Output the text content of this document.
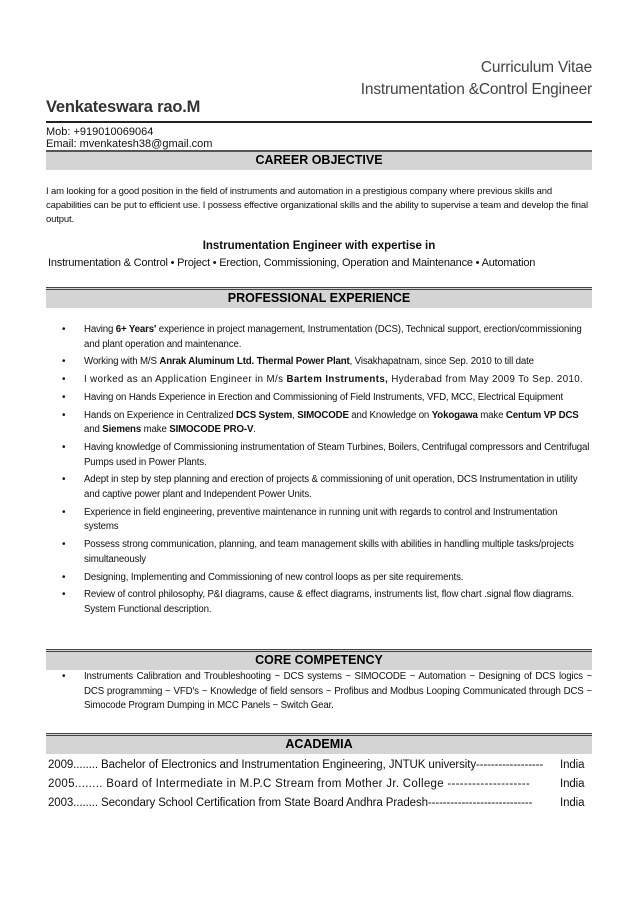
Curriculum Vitae
Instrumentation &Control Engineer
Venkateswara rao.M
Mob: +919010069064
Email: mvenkatesh38@gmail.com
CAREER OBJECTIVE
I am looking for a good position in the field of instruments and automation in a prestigious company where previous skills and capabilities can be put to efficient use. I possess effective organizational skills and the ability to supervise a team and develop the final output.
Instrumentation Engineer with expertise in
Instrumentation & Control • Project • Erection, Commissioning, Operation and Maintenance • Automation
PROFESSIONAL EXPERIENCE
• Having 6+ Years' experience in project management, Instrumentation (DCS), Technical support, erection/commissioning and plant operation and maintenance.
• Working with M/S Anrak Aluminum Ltd. Thermal Power Plant, Visakhapatnam, since Sep. 2010 to till date
• I worked as an Application Engineer in M/s Bartem Instruments, Hyderabad from May 2009 To Sep. 2010.
• Having on Hands Experience in Erection and Commissioning of Field Instruments, VFD, MCC, Electrical Equipment
• Hands on Experience in Centralized DCS System, SIMOCODE and Knowledge on Yokogawa make Centum VP DCS and Siemens make SIMOCODE PRO-V.
• Having knowledge of Commissioning instrumentation of Steam Turbines, Boilers, Centrifugal compressors and Centrifugal Pumps used in Power Plants.
• Adept in step by step planning and erection of projects & commissioning of unit operation, DCS Instrumentation in utility and captive power plant and Independent Power Units.
• Experience in field engineering, preventive maintenance in running unit with regards to control and Instrumentation systems
• Possess strong communication, planning, and team management skills with abilities in handling multiple tasks/projects simultaneously
• Designing, Implementing and Commissioning of new control loops as per site requirements.
• Review of control philosophy, P&I diagrams, cause & effect diagrams, instruments list, flow chart .signal flow diagrams. System Functional description.
CORE COMPETENCY
• Instruments Calibration and Troubleshooting ~ DCS systems ~ SIMOCODE ~ Automation ~ Designing of DCS logics ~ DCS programming ~ VFD's ~ Knowledge of field sensors ~ Profibus and Modbus Looping Communicated through DCS ~ Simocode Program Dumping in MCC Panels ~ Switch Gear.
ACADEMIA
2009........ Bachelor of Electronics and Instrumentation Engineering, JNTUK university------------------ India
2005........ Board of Intermediate in M.P.C Stream from Mother Jr. College --------------------	India
2003........ Secondary School Certification from State Board Andhra Pradesh---------------------------- India
